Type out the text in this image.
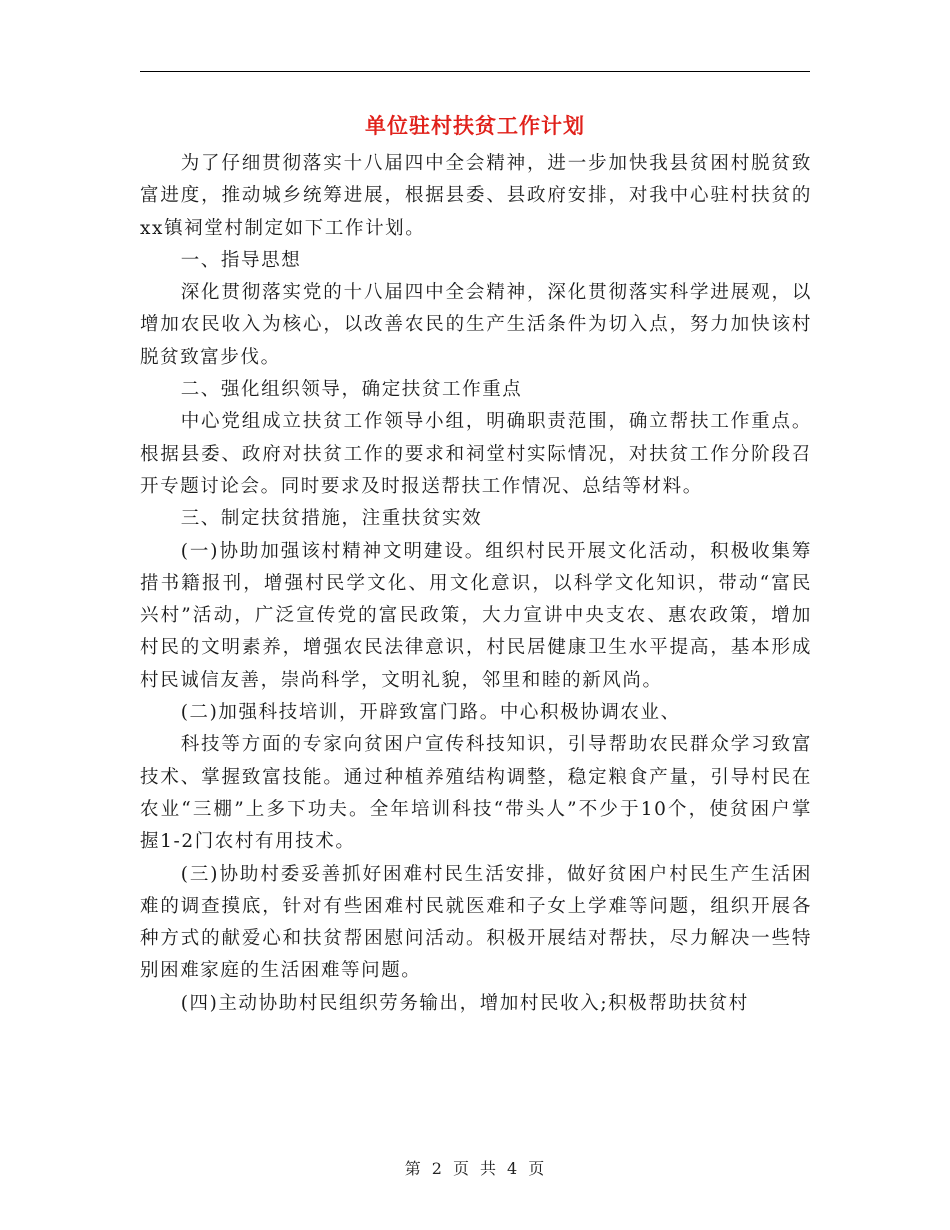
单位驻村扶贫工作计划

为了仔细贯彻落实十八届四中全会精神，进一步加快我县贫困村脱贫致富进度，推动城乡统筹进展，根据县委、县政府安排，对我中心驻村扶贫的xx镇祠堂村制定如下工作计划。

一、指导思想

深化贯彻落实党的十八届四中全会精神，深化贯彻落实科学进展观，以增加农民收入为核心，以改善农民的生产生活条件为切入点，努力加快该村脱贫致富步伐。

二、强化组织领导，确定扶贫工作重点

中心党组成立扶贫工作领导小组，明确职责范围，确立帮扶工作重点。根据县委、政府对扶贫工作的要求和祠堂村实际情况，对扶贫工作分阶段召开专题讨论会。同时要求及时报送帮扶工作情况、总结等材料。

三、制定扶贫措施，注重扶贫实效

(一)协助加强该村精神文明建设。组织村民开展文化活动，积极收集筹措书籍报刊，增强村民学文化、用文化意识，以科学文化知识，带动“富民兴村”活动，广泛宣传党的富民政策，大力宣讲中央支农、惠农政策，增加村民的文明素养，增强农民法律意识，村民居健康卫生水平提高，基本形成村民诚信友善，崇尚科学，文明礼貌，邻里和睦的新风尚。

(二)加强科技培训，开辟致富门路。中心积极协调农业、

科技等方面的专家向贫困户宣传科技知识，引导帮助农民群众学习致富技术、掌握致富技能。通过种植养殖结构调整，稳定粮食产量，引导村民在农业“三棚”上多下功夫。全年培训科技“带头人”不少于10个，使贫困户掌握1-2门农村有用技术。

(三)协助村委妥善抓好困难村民生活安排，做好贫困户村民生产生活困难的调查摸底，针对有些困难村民就医难和子女上学难等问题，组织开展各种方式的献爱心和扶贫帮困慰问活动。积极开展结对帮扶，尽力解决一些特别困难家庭的生活困难等问题。

(四)主动协助村民组织劳务输出，增加村民收入;积极帮助扶贫村

第 2 页 共 4 页
